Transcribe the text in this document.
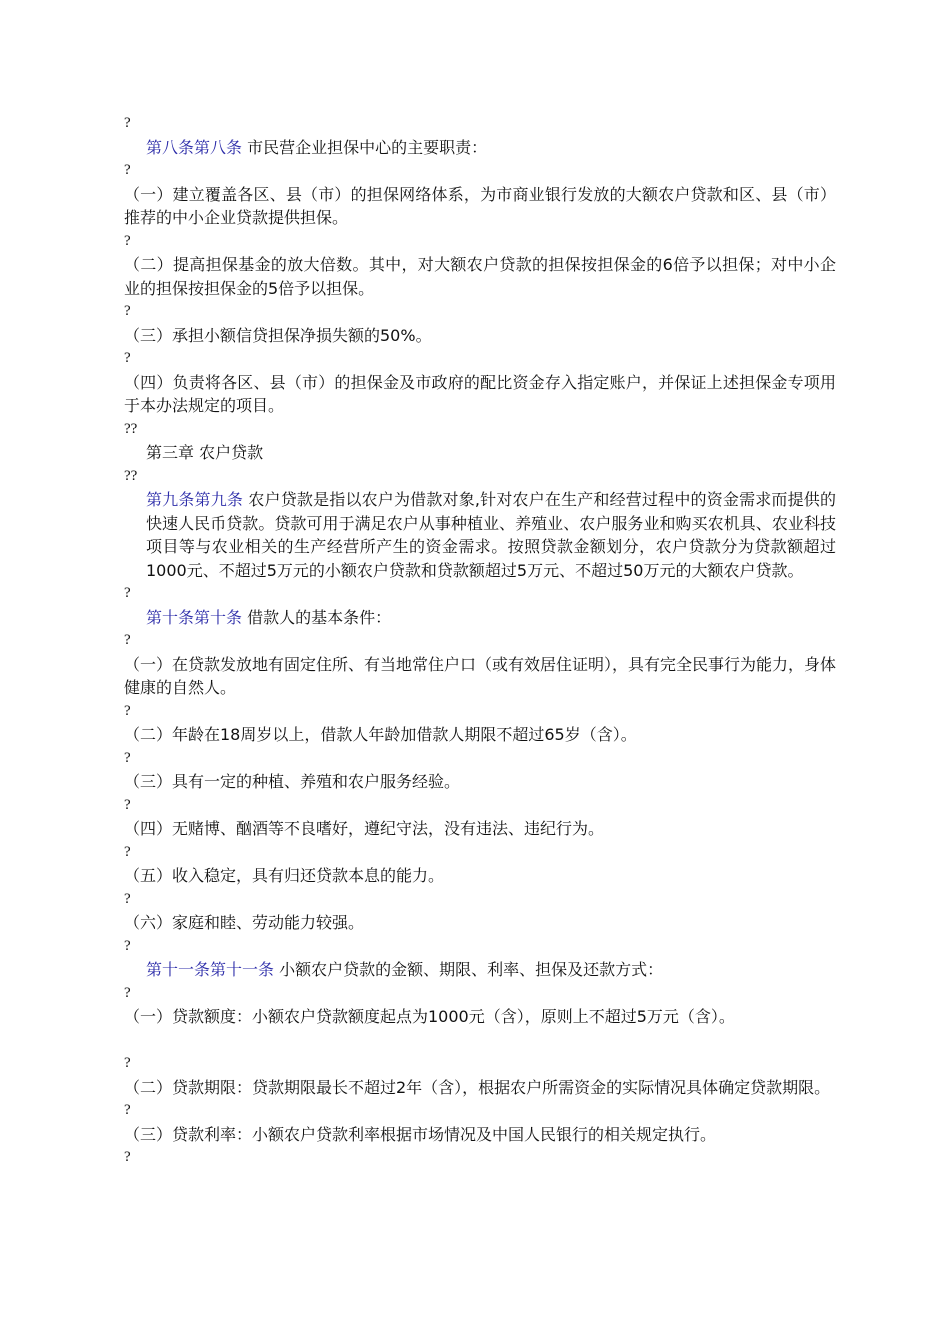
?
第八条第八条 市民营企业担保中心的主要职责：
?
（一）建立覆盖各区、县（市）的担保网络体系，为市商业银行发放的大额农户贷款和区、县（市）推荐的中小企业贷款提供担保。
?
（二）提高担保基金的放大倍数。其中，对大额农户贷款的担保按担保金的6倍予以担保；对中小企业的担保按担保金的5倍予以担保。
?
（三）承担小额信贷担保净损失额的50%。
?
（四）负责将各区、县（市）的担保金及市政府的配比资金存入指定账户，并保证上述担保金专项用于本办法规定的项目。
??
第三章 农户贷款
??
第九条第九条 农户贷款是指以农户为借款对象,针对农户在生产和经营过程中的资金需求而提供的快速人民币贷款。贷款可用于满足农户从事种植业、养殖业、农户服务业和购买农机具、农业科技项目等与农业相关的生产经营所产生的资金需求。按照贷款金额划分，农户贷款分为贷款额超过1000元、不超过5万元的小额农户贷款和贷款额超过5万元、不超过50万元的大额农户贷款。
?
第十条第十条 借款人的基本条件：
?
（一）在贷款发放地有固定住所、有当地常住户口（或有效居住证明），具有完全民事行为能力，身体健康的自然人。
?
（二）年龄在18周岁以上，借款人年龄加借款人期限不超过65岁（含）。
?
（三）具有一定的种植、养殖和农户服务经验。
?
（四）无赌博、酗酒等不良嗜好，遵纪守法，没有违法、违纪行为。
?
（五）收入稳定，具有归还贷款本息的能力。
?
（六）家庭和睦、劳动能力较强。
?
第十一条第十一条 小额农户贷款的金额、期限、利率、担保及还款方式：
?
（一）贷款额度：小额农户贷款额度起点为1000元（含），原则上不超过5万元（含）。
?
（二）贷款期限：贷款期限最长不超过2年（含），根据农户所需资金的实际情况具体确定贷款期限。
?
（三）贷款利率：小额农户贷款利率根据市场情况及中国人民银行的相关规定执行。
?
